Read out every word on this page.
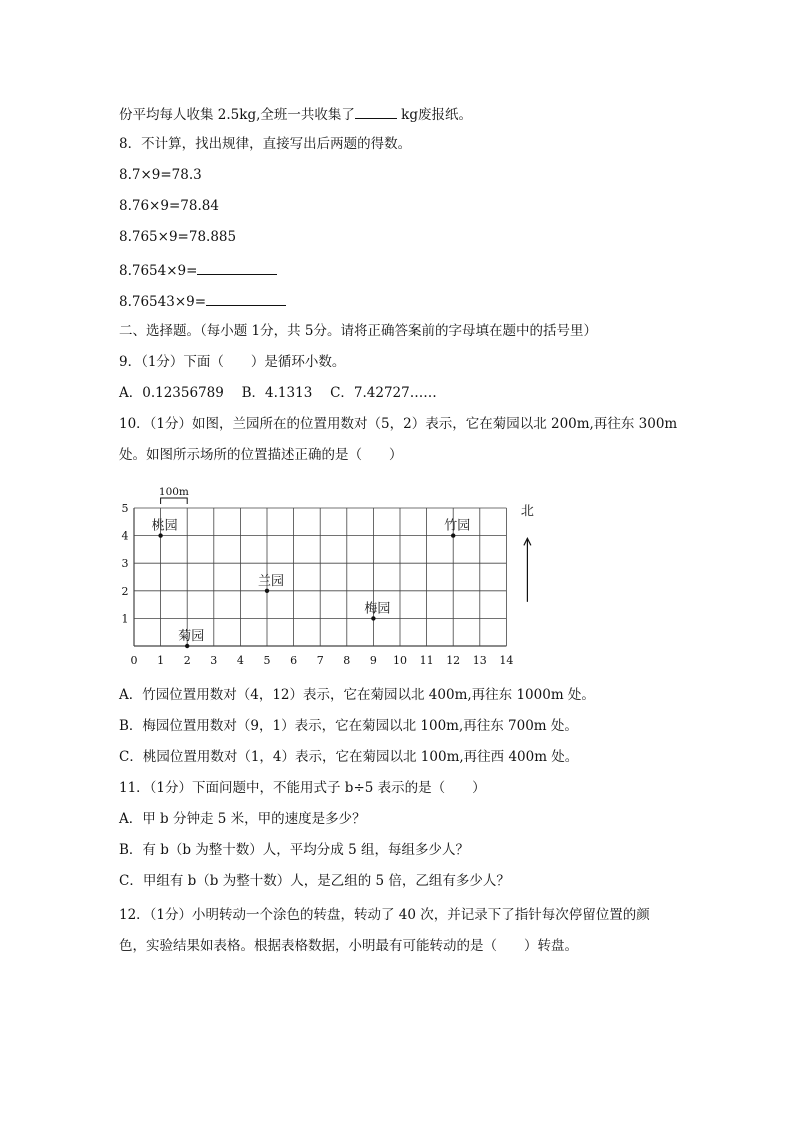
份平均每人收集 2.5kg,全班一共收集了	kg废报纸。
8．不计算，找出规律，直接写出后两题的得数。
8.7×9=78.3
8.76×9=78.84
8.765×9=78.885
8.7654×9=
8.76543×9=
二、选择题。（每小题 1分，共 5分。请将正确答案前的字母填在题中的括号里）
9．（1分）下面（　　）是循环小数。
A．0.12356789　 B．4.1313　 C．7.42727……
10．（1分）如图，兰园所在的位置用数对（5，2）表示，它在菊园以北 200m,再往东 300m
处。如图所示场所的位置描述正确的是（　　）
0 1 2 3 4 5 6 7 8 9 10 11 12 13 14
1
2
3
4
5
100m
北
桃园	竹园
兰园
梅园
菊园
A．竹园位置用数对（4，12）表示，它在菊园以北 400m,再往东 1000m 处。
B．梅园位置用数对（9，1）表示，它在菊园以北 100m,再往东 700m 处。
C．桃园位置用数对（1，4）表示，它在菊园以北 100m,再往西 400m 处。
11．（1分）下面问题中，不能用式子 b÷5 表示的是（　　）
A．甲 b 分钟走 5 米，甲的速度是多少？
B．有 b（b 为整十数）人，平均分成 5 组，每组多少人？
C．甲组有 b（b 为整十数）人，是乙组的 5 倍，乙组有多少人？
12．（1分）小明转动一个涂色的转盘，转动了 40 次，并记录下了指针每次停留位置的颜
色，实验结果如表格。根据表格数据，小明最有可能转动的是（　　）转盘。
